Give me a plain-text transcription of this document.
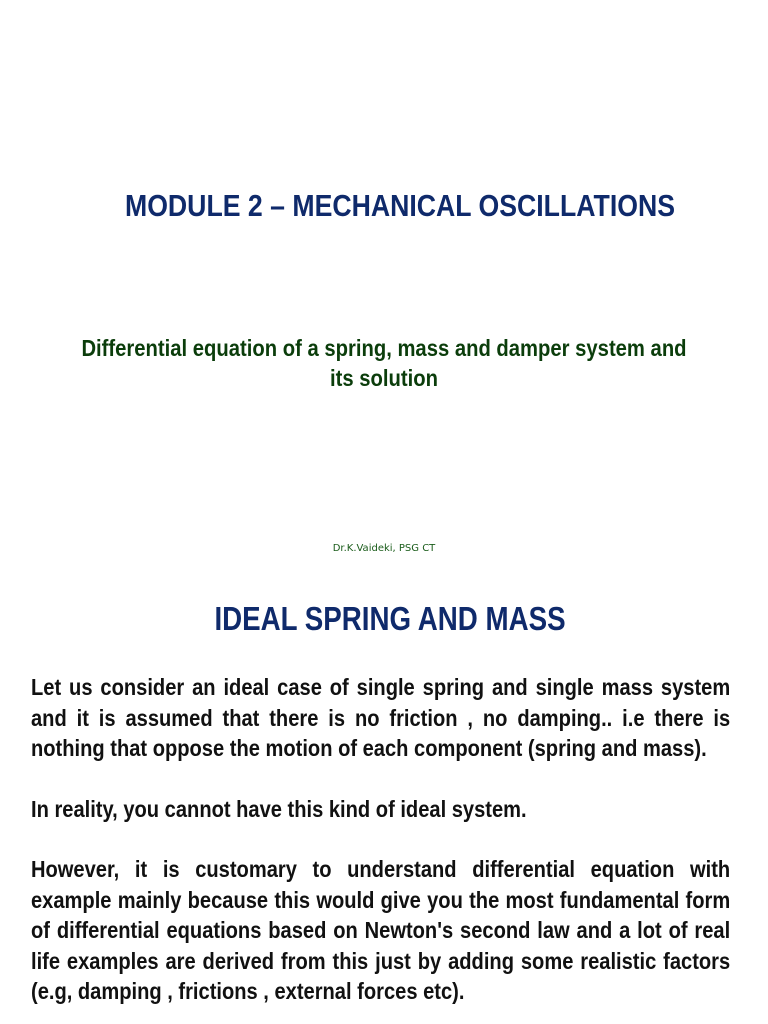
MODULE 2 – MECHANICAL OSCILLATIONS
Differential equation of a spring, mass and damper system and its solution
Dr.K.Vaideki, PSG CT
IDEAL SPRING AND MASS

Let us consider an ideal case of single spring and single mass system and it is assumed that there is no friction , no damping.. i.e there is nothing that oppose the motion of each component (spring and mass).

In reality, you cannot have this kind of ideal system.

However, it is customary to understand differential equation with example mainly because this would give you the most fundamental form of differential equations based on Newton's second law and a lot of real life examples are derived from this just by adding some realistic factors (e.g, damping , frictions , external forces etc).
